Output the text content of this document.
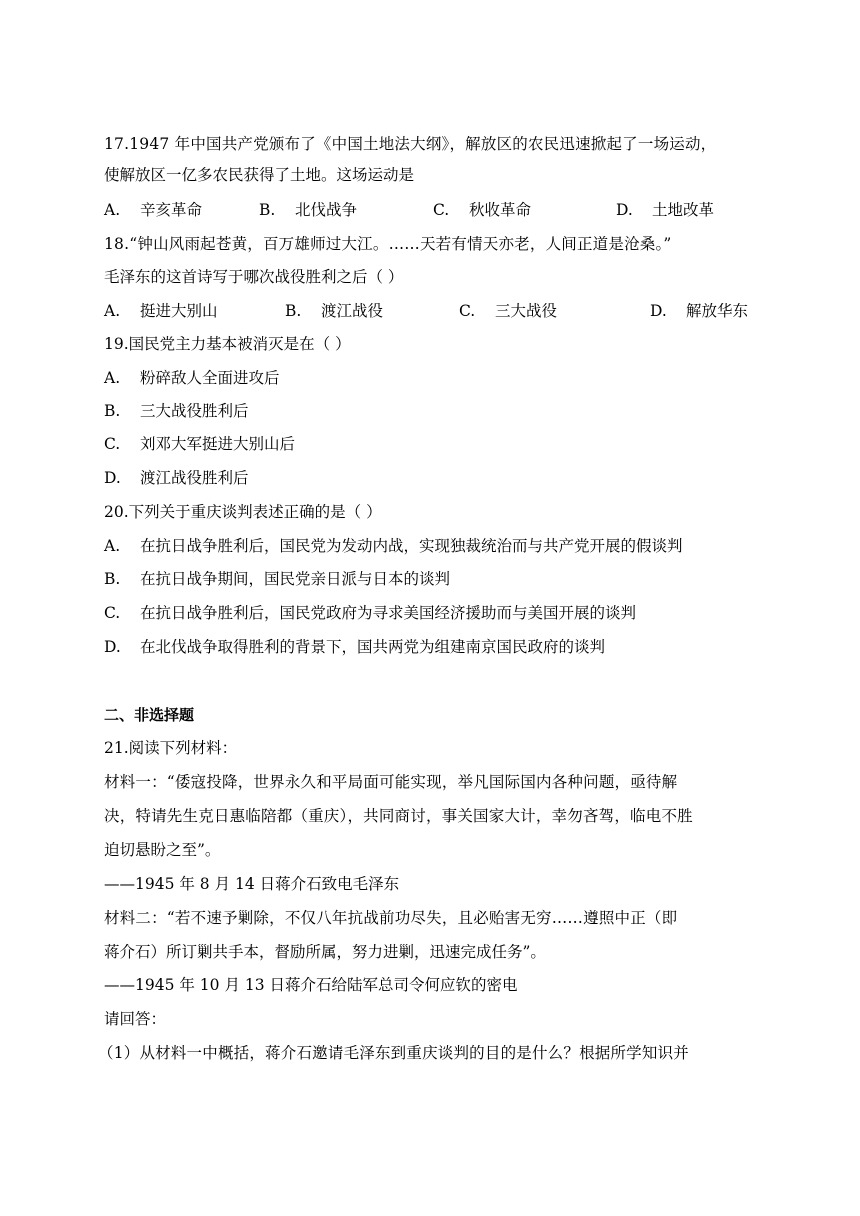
17.1947 年中国共产党颁布了《中国土地法大纲》，解放区的农民迅速掀起了一场运动，
使解放区一亿多农民获得了土地。这场运动是
A. 辛亥革命	B. 北伐战争	C. 秋收革命	D. 土地改革
18.“钟山风雨起苍黄，百万雄师过大江。……天若有情天亦老，人间正道是沧桑。”
毛泽东的这首诗写于哪次战役胜利之后（ ）
A. 挺进大别山	B. 渡江战役	C. 三大战役	D. 解放华东
19.国民党主力基本被消灭是在（ ）
A. 粉碎敌人全面进攻后
B. 三大战役胜利后
C. 刘邓大军挺进大别山后
D. 渡江战役胜利后
20.下列关于重庆谈判表述正确的是（ ）
A. 在抗日战争胜利后，国民党为发动内战，实现独裁统治而与共产党开展的假谈判
B. 在抗日战争期间，国民党亲日派与日本的谈判
C. 在抗日战争胜利后，国民党政府为寻求美国经济援助而与美国开展的谈判
D. 在北伐战争取得胜利的背景下，国共两党为组建南京国民政府的谈判
二、非选择题
21.阅读下列材料：
材料一：“倭寇投降，世界永久和平局面可能实现，举凡国际国内各种问题，亟待解
决，特请先生克日惠临陪都（重庆），共同商讨，事关国家大计，幸勿吝驾，临电不胜
迫切悬盼之至”。
——1945 年 8 月 14 日蒋介石致电毛泽东
材料二：“若不速予剿除，不仅八年抗战前功尽失，且必贻害无穷……遵照中正（即
蒋介石）所订剿共手本，督励所属，努力进剿，迅速完成任务”。
——1945 年 10 月 13 日蒋介石给陆军总司令何应钦的密电
请回答：
（1）从材料一中概括，蒋介石邀请毛泽东到重庆谈判的目的是什么？根据所学知识并
